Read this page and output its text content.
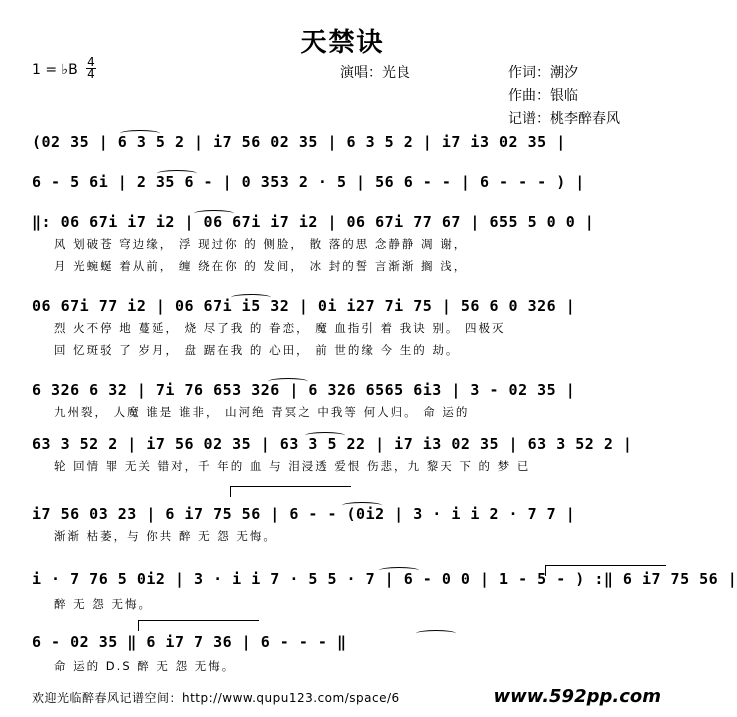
天禁诀
演唱：光良	作词：潮汐
作曲：银临
记谱：桃李醉春风
1 = ♭B 4
4
(02 35 | 6 3 5 2 | i7 56 02 35 | 6 3 5 2 | i7 i3 02 35 |
6 - 5 6i | 2 35 6 - | 0 353 2 · 5 | 56 6 - - | 6 - - - ) |
‖: 06 67i i7 i2 | 06 67i i7 i2 | 06 67i 77 67 | 655 5 0 0 |
风 划破苍 穹边缘， 浮 现过你 的 侧脸， 散 落的思 念静静 凋 谢，
月 光蜿蜒 着从前， 缠 绕在你 的 发间， 冰 封的誓 言渐渐 搁 浅，
06 67i 77 i2 | 06 67i i5 32 | 0i i27 7i 75 | 56 6 0 326 |
烈 火不停 地 蔓延， 烧 尽了我 的 眷恋， 魔 血指引 着 我诀 别。 四极灭
回 忆斑驳 了 岁月， 盘 踞在我 的 心田， 前 世的缘 今 生的 劫。
6 326 6 32 | 7i 76 653 326 | 6 326 6565 6i3 | 3 - 02 35 |
九州裂， 人魔 谁是 谁非， 山河绝 青冥之 中我等 何人归。 命 运的
63 3 52 2 | i7 56 02 35 | 63 3 5 22 | i7 i3 02 35 | 63 3 52 2 |
轮 回情 罪 无关 错对，千 年的 血 与 泪浸透 爱恨 伤悲，九 黎天 下 的 梦 已
i7 56 03 23 | 6 i7 75 56 | 6 - - (0i2 | 3 · i i 2 · 7 7 |
渐渐 枯萎，与 你共 醉 无 怨 无悔。
i · 7 76 5 0i2 | 3 · i i 7 · 5 5 · 7 | 6 - 0 0 | 1 - 5 - ) :‖ 6 i7 75 56 |
醉 无 怨 无悔。
6 - 02 35 ‖ 6 i7 7 36 | 6 - - - ‖
命 运的 D.S 醉 无 怨 无悔。
欢迎光临醉春风记谱空间：http://www.qupu123.com/space/6	www.592pp.com
